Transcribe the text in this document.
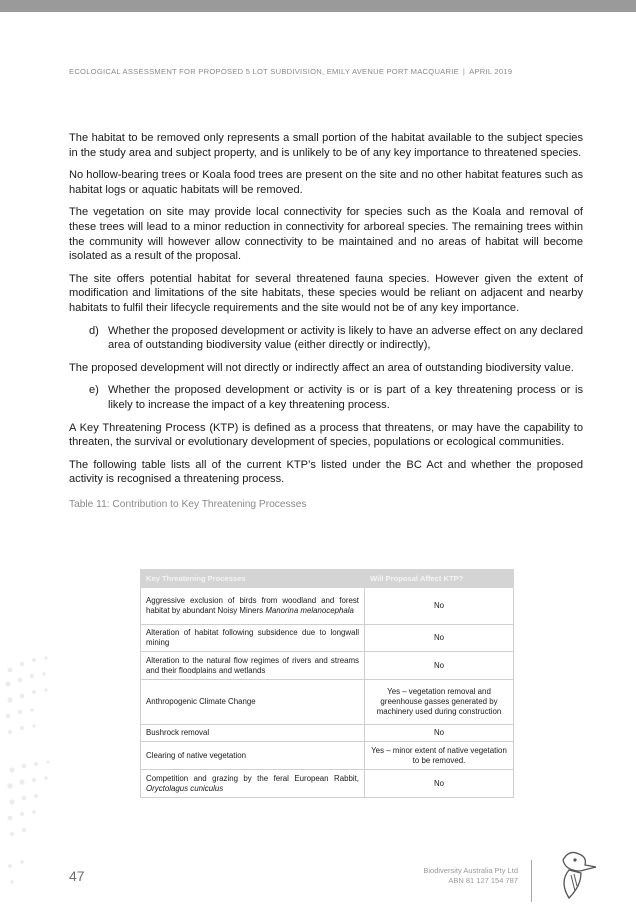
ECOLOGICAL ASSESSMENT FOR PROPOSED 5 LOT SUBDIVISION, EMILY AVENUE PORT MACQUARIE | APRIL 2019

The habitat to be removed only represents a small portion of the habitat available to the subject species in the study area and subject property, and is unlikely to be of any key importance to threatened species.

No hollow-bearing trees or Koala food trees are present on the site and no other habitat features such as habitat logs or aquatic habitats will be removed.

The vegetation on site may provide local connectivity for species such as the Koala and removal of these trees will lead to a minor reduction in connectivity for arboreal species. The remaining trees within the community will however allow connectivity to be maintained and no areas of habitat will become isolated as a result of the proposal.

The site offers potential habitat for several threatened fauna species. However given the extent of modification and limitations of the site habitats, these species would be reliant on adjacent and nearby habitats to fulfil their lifecycle requirements and the site would not be of any key importance.

d) Whether the proposed development or activity is likely to have an adverse effect on any declared area of outstanding biodiversity value (either directly or indirectly),

The proposed development will not directly or indirectly affect an area of outstanding biodiversity value.

e) Whether the proposed development or activity is or is part of a key threatening process or is likely to increase the impact of a key threatening process.

A Key Threatening Process (KTP) is defined as a process that threatens, or may have the capability to threaten, the survival or evolutionary development of species, populations or ecological communities.

The following table lists all of the current KTP’s listed under the BC Act and whether the proposed activity is recognised a threatening process.

Table 11: Contribution to Key Threatening Processes
Key Threatening Processes	Will Proposal Affect KTP?
Aggressive exclusion of birds from woodland and forest habitat by abundant Noisy Miners Manorina melanocephala	No
Alteration of habitat following subsidence due to longwall mining	No
Alteration to the natural flow regimes of rivers and streams and their floodplains and wetlands	No
Anthropogenic Climate Change	Yes – vegetation removal and greenhouse gasses generated by machinery used during construction
Bushrock removal	No
Clearing of native vegetation	Yes – minor extent of native vegetation to be removed.
Competition and grazing by the feral European Rabbit, Oryctolagus cuniculus	No
47	Biodiversity Australia Pty Ltd
ABN 81 127 154 787
